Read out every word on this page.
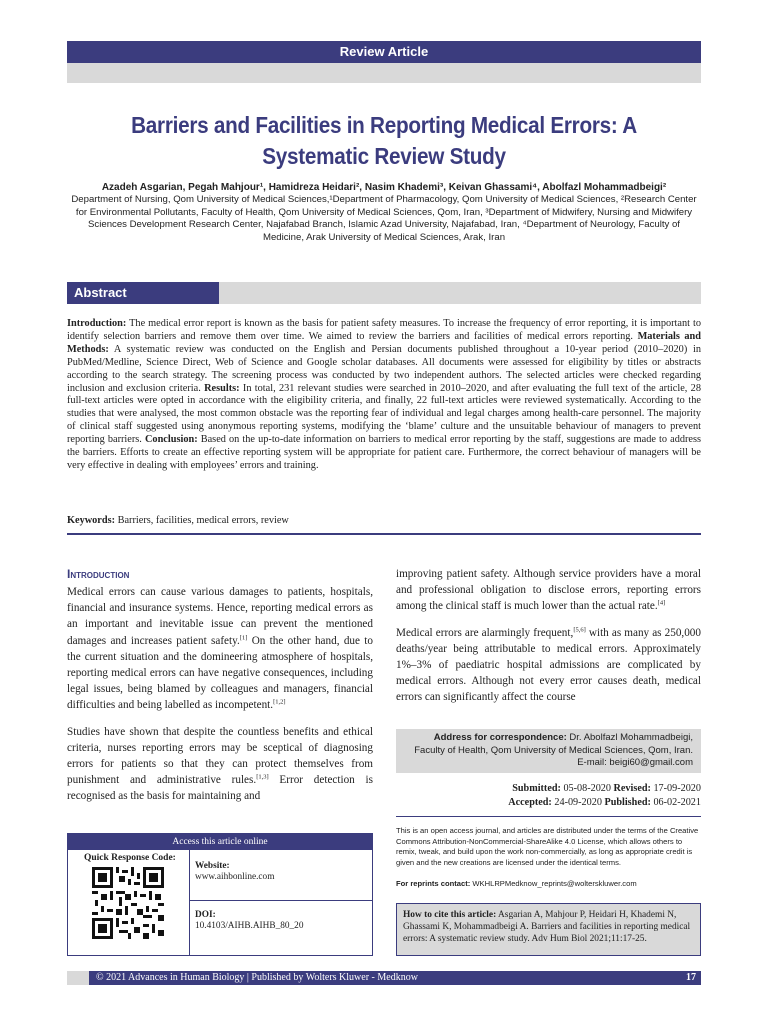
Review Article
Barriers and Facilities in Reporting Medical Errors: A Systematic Review Study
Azadeh Asgarian, Pegah Mahjour¹, Hamidreza Heidari², Nasim Khademi³, Keivan Ghassami⁴, Abolfazl Mohammadbeigi²
Department of Nursing, Qom University of Medical Sciences,¹Department of Pharmacology, Qom University of Medical Sciences, ²Research Center for Environmental Pollutants, Faculty of Health, Qom University of Medical Sciences, Qom, Iran, ³Department of Midwifery, Nursing and Midwifery Sciences Development Research Center, Najafabad Branch, Islamic Azad University, Najafabad, Iran, ⁴Department of Neurology, Faculty of Medicine, Arak University of Medical Sciences, Arak, Iran
Abstract
Introduction: The medical error report is known as the basis for patient safety measures. To increase the frequency of error reporting, it is important to identify selection barriers and remove them over time. We aimed to review the barriers and facilities of medical errors reporting. Materials and Methods: A systematic review was conducted on the English and Persian documents published throughout a 10-year period (2010–2020) in PubMed/Medline, Science Direct, Web of Science and Google scholar databases. All documents were assessed for eligibility by titles or abstracts according to the search strategy. The screening process was conducted by two independent authors. The selected articles were checked regarding inclusion and exclusion criteria. Results: In total, 231 relevant studies were searched in 2010–2020, and after evaluating the full text of the article, 28 full-text articles were opted in accordance with the eligibility criteria, and finally, 22 full-text articles were reviewed systematically. According to the studies that were analysed, the most common obstacle was the reporting fear of individual and legal charges among health-care personnel. The majority of clinical staff suggested using anonymous reporting systems, modifying the ‘blame’ culture and the unsuitable behaviour of managers to prevent reporting barriers. Conclusion: Based on the up-to-date information on barriers to medical error reporting by the staff, suggestions are made to address the barriers. Efforts to create an effective reporting system will be appropriate for patient care. Furthermore, the correct behaviour of managers will be very effective in dealing with employees’ errors and training.
Keywords: Barriers, facilities, medical errors, review
Introduction

Medical errors can cause various damages to patients, hospitals, financial and insurance systems. Hence, reporting medical errors as an important and inevitable issue can prevent the mentioned damages and increases patient safety.[1] On the other hand, due to the current situation and the domineering atmosphere of hospitals, reporting medical errors can have negative consequences, including legal issues, being blamed by colleagues and managers, financial difficulties and being labelled as incompetent.[1,2]

Studies have shown that despite the countless benefits and ethical criteria, nurses reporting errors may be sceptical of diagnosing errors for patients so that they can protect themselves from punishment and administrative rules.[1,3] Error detection is recognised as the basis for maintaining and

improving patient safety. Although service providers have a moral and professional obligation to disclose errors, reporting errors among the clinical staff is much lower than the actual rate.[4]

Medical errors are alarmingly frequent,[5,6] with as many as 250,000 deaths/year being attributable to medical errors. Approximately 1%–3% of paediatric hospital admissions are complicated by medical errors. Although not every error causes death, medical errors can significantly affect the course

Address for correspondence: Dr. Abolfazl Mohammadbeigi,
Faculty of Health, Qom University of Medical Sciences, Qom, Iran.
E-mail: beigi60@gmail.com
Submitted: 05-08-2020 Revised: 17-09-2020
Accepted: 24-09-2020 Published: 06-02-2021
This is an open access journal, and articles are distributed under the terms of the Creative Commons Attribution-NonCommercial-ShareAlike 4.0 License, which allows others to remix, tweak, and build upon the work non-commercially, as long as appropriate credit is given and the new creations are licensed under the identical terms.
For reprints contact: WKHLRPMedknow_reprints@wolterskluwer.com
How to cite this article: Asgarian A, Mahjour P, Heidari H, Khademi N, Ghassami K, Mohammadbeigi A. Barriers and facilities in reporting medical errors: A systematic review study. Adv Hum Biol 2021;11:17-25.
Access this article online
Quick Response Code:
Website:
www.aihbonline.com
DOI:
10.4103/AIHB.AIHB_80_20
© 2021 Advances in Human Biology | Published by Wolters Kluwer - Medknow	17
